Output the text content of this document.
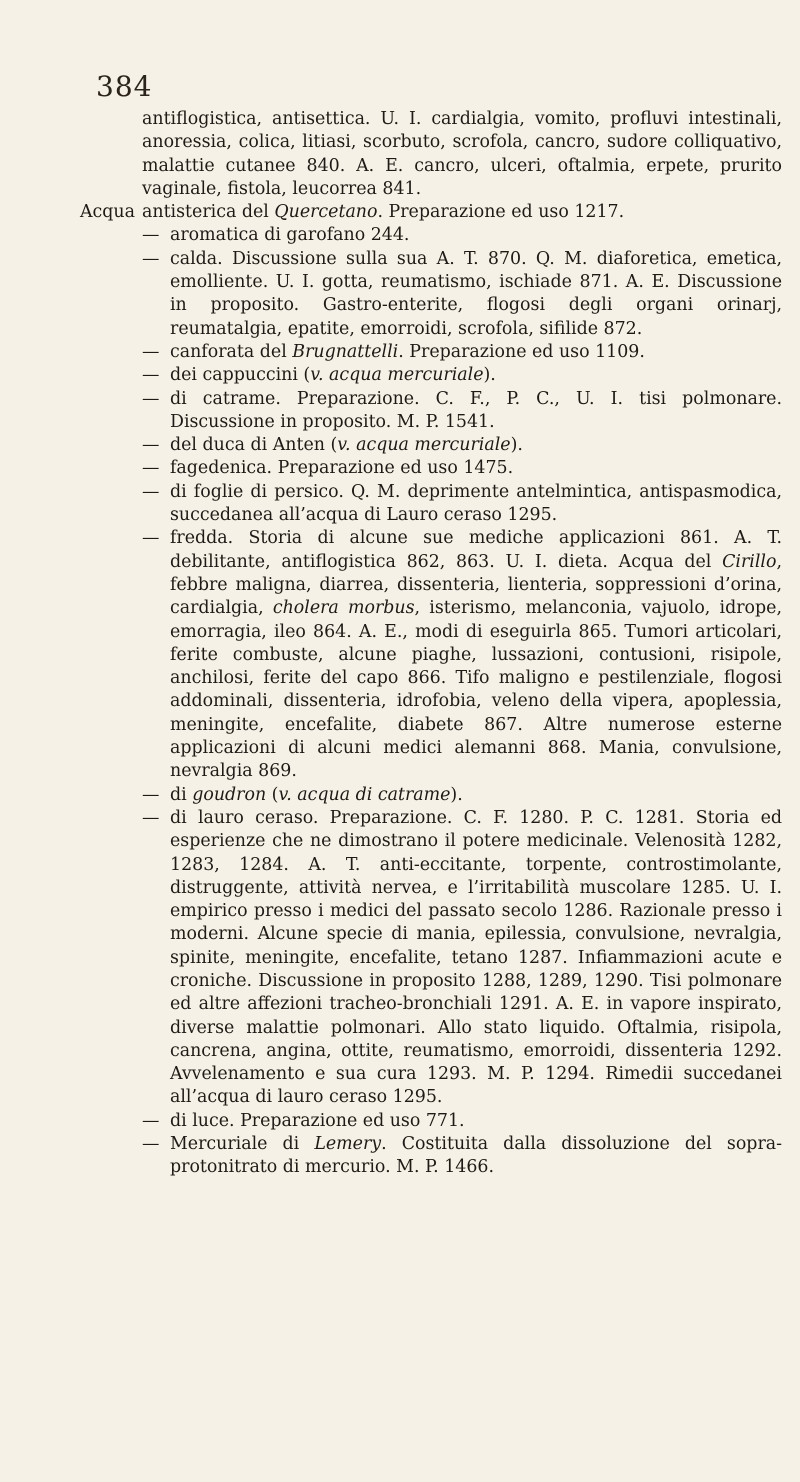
384

antiflogistica, antisettica. U. I. cardialgia, vomito, profluvi intestinali, anoressia, colica, litiasi, scorbuto, scrofola, cancro, sudore colliquativo, malattie cutanee 840. A. E. cancro, ulceri, oftalmia, erpete, prurito vaginale, fistola, leucorrea 841.

Acqua antisterica del Quercetano. Preparazione ed uso 1217.

— aromatica di garofano 244.

— calda. Discussione sulla sua A. T. 870. Q. M. diaforetica, emetica, emolliente. U. I. gotta, reumatismo, ischiade 871. A. E. Discussione in proposito. Gastro-enterite, flogosi degli organi orinarj, reumatalgia, epatite, emorroidi, scrofola, sifilide 872.

— canforata del Brugnattelli. Preparazione ed uso 1109.

— dei cappuccini (v. acqua mercuriale).

— di catrame. Preparazione. C. F., P. C., U. I. tisi polmonare. Discussione in proposito. M. P. 1541.

— del duca di Anten (v. acqua mercuriale).

— fagedenica. Preparazione ed uso 1475.

— di foglie di persico. Q. M. deprimente antelmintica, antispasmodica, succedanea all’acqua di Lauro ceraso 1295.

— fredda. Storia di alcune sue mediche applicazioni 861. A. T. debilitante, antiflogistica 862, 863. U. I. dieta. Acqua del Cirillo, febbre maligna, diarrea, dissenteria, lienteria, soppressioni d’orina, cardialgia, cholera morbus, isterismo, melanconia, vajuolo, idrope, emorragia, ileo 864. A. E., modi di eseguirla 865. Tumori articolari, ferite combuste, alcune piaghe, lussazioni, contusioni, risipole, anchilosi, ferite del capo 866. Tifo maligno e pestilenziale, flogosi addominali, dissenteria, idrofobia, veleno della vipera, apoplessia, meningite, encefalite, diabete 867. Altre numerose esterne applicazioni di alcuni medici alemanni 868. Mania, convulsione, nevralgia 869.

— di goudron (v. acqua di catrame).

— di lauro ceraso. Preparazione. C. F. 1280. P. C. 1281. Storia ed esperienze che ne dimostrano il potere medicinale. Velenosità 1282, 1283, 1284. A. T. anti-eccitante, torpente, controstimolante, distruggente, attività nervea, e l’irritabilità muscolare 1285. U. I. empirico presso i medici del passato secolo 1286. Razionale presso i moderni. Alcune specie di mania, epilessia, convulsione, nevralgia, spinite, meningite, encefalite, tetano 1287. Infiammazioni acute e croniche. Discussione in proposito 1288, 1289, 1290. Tisi polmonare ed altre affezioni tracheo-bronchiali 1291. A. E. in vapore inspirato, diverse malattie polmonari. Allo stato liquido. Oftalmia, risipola, cancrena, angina, ottite, reumatismo, emorroidi, dissenteria 1292. Avvelenamento e sua cura 1293. M. P. 1294. Rimedii succedanei all’acqua di lauro ceraso 1295.

— di luce. Preparazione ed uso 771.

— Mercuriale di Lemery. Costituita dalla dissoluzione del sopra-protonitrato di mercurio. M. P. 1466.
